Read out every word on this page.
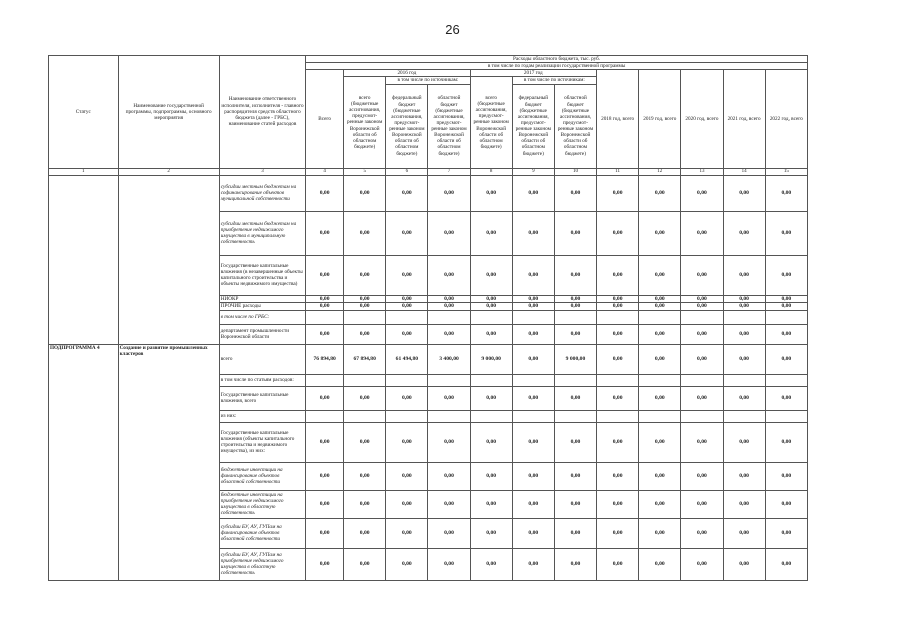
26
Статус	Наименование государственной программы, подпрограммы, основного мероприятия	Наименование ответственного исполнителя, исполнителя - главного распорядителя средств областного бюджета (далее - ГРБС), наименование статей расходов	Расходы областного бюджета, тыс. руб.											
			в том числе по годам реализации государственной программы											
			Всего	2016 год			2017 год			2018 год, всего	2019 год, всего	2020 год, всего	2021 год, всего	2022 год, всего
				всего (бюджетные ассигнования, предусмот- ренные законом Воронежской области об областном бюджете)	в том числе по источникам:		всего (бюджетные ассигнования, предусмот- ренные законом Воронежской области об областном бюджете)	в том числе по источникам:						
					федеральный бюджет (бюджетные ассигнования, предусмот- ренные законом Воронежской области об областном бюджете)	областной бюджет (бюджетные ассигнования, предусмот- ренные законом Воронежской области об областном бюджете)		федеральный бюджет (бюджетные ассигнования, предусмот- ренные законом Воронежской области об областном бюджете)	областной бюджет (бюджетные ассигнования, предусмот- ренные законом Воронежской области об областном бюджете)					
1	2	3	4	5	6	7	8	9	10	11	12	13	14	15
		субсидии местным бюджетам на софинансирование объектов муниципальной собственности	0,00	0,00	0,00	0,00	0,00	0,00	0,00	0,00	0,00	0,00	0,00	0,00
		субсидии местным бюджетам на приобретение недвижимого имущества в муниципальную собственность	0,00	0,00	0,00	0,00	0,00	0,00	0,00	0,00	0,00	0,00	0,00	0,00
		Государственные капитальные вложения (в незавершенные объекты капитального строительства и объекты недвижимого имущества)	0,00	0,00	0,00	0,00	0,00	0,00	0,00	0,00	0,00	0,00	0,00	0,00
		НИОКР	0,00	0,00	0,00	0,00	0,00	0,00	0,00	0,00	0,00	0,00	0,00	0,00
		ПРОЧИЕ расходы	0,00	0,00	0,00	0,00	0,00	0,00	0,00	0,00	0,00	0,00	0,00	0,00
		в том числе по ГРБС:												
		департамент промышленности Воронежской области	0,00	0,00	0,00	0,00	0,00	0,00	0,00	0,00	0,00	0,00	0,00	0,00
ПОДПРОГРАММА 4	Создание и развитие промышленных кластеров	всего	76 894,80	67 894,80	61 494,80	3 400,00	9 000,00	0,00	9 000,00	0,00	0,00	0,00	0,00	0,00
		в том числе по статьям расходов:												
		Государственные капитальные вложения, всего	0,00	0,00	0,00	0,00	0,00	0,00	0,00	0,00	0,00	0,00	0,00	0,00
		из них:												
		Государственные капитальные вложения (объекты капитального строительства и недвижимого имущества), из них:	0,00	0,00	0,00	0,00	0,00	0,00	0,00	0,00	0,00	0,00	0,00	0,00
		бюджетные инвестиции на финансирование объектов областной собственности	0,00	0,00	0,00	0,00	0,00	0,00	0,00	0,00	0,00	0,00	0,00	0,00
		бюджетные инвестиции на приобретение недвижимого имущества в областную собственность	0,00	0,00	0,00	0,00	0,00	0,00	0,00	0,00	0,00	0,00	0,00	0,00
		субсидии БУ, АУ, ГУПам на финансирование объектов областной собственности	0,00	0,00	0,00	0,00	0,00	0,00	0,00	0,00	0,00	0,00	0,00	0,00
		субсидии БУ, АУ, ГУПам на приобретение недвижимого имущества в областную собственность	0,00	0,00	0,00	0,00	0,00	0,00	0,00	0,00	0,00	0,00	0,00	0,00
